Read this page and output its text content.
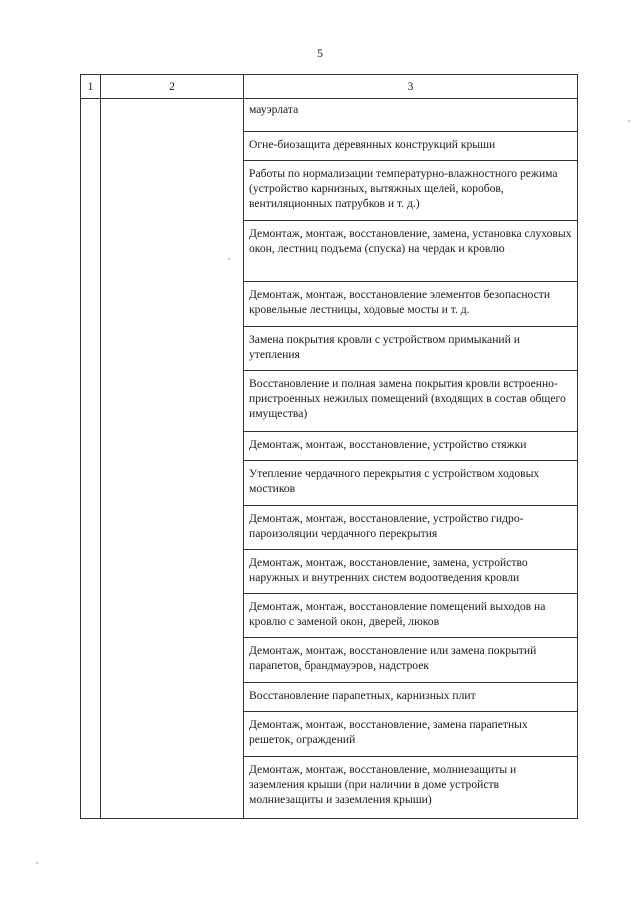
5
1	2	3

		мауэрлата

		Огне-биозащита деревянных конструкций крыши

		Работы по нормализации температурно-влажностного режима (устройство карнизных, вытяжных щелей, коробов, вентиляционных патрубков и т. д.)

		Демонтаж, монтаж, восстановление, замена, установка слуховых окон, лестниц подъема (спуска) на чердак и кровлю

		Демонтаж, монтаж, восстановление элементов безопасности кровельные лестницы, ходовые мосты и т. д.

		Замена покрытия кровли с устройством примыканий и утепления

		Восстановление и полная замена покрытия кровли встроенно-пристроенных нежилых помещений (входящих в состав общего имущества)

		Демонтаж, монтаж, восстановление, устройство стяжки

		Утепление чердачного перекрытия с устройством ходовых мостиков

		Демонтаж, монтаж, восстановление, устройство гидро-пароизоляции чердачного перекрытия

		Демонтаж, монтаж, восстановление, замена, устройство наружных и внутренних систем водоотведения кровли

		Демонтаж, монтаж, восстановление помещений выходов на кровлю с заменой окон, дверей, люков

		Демонтаж, монтаж, восстановление или замена покрытий парапетов, брандмауэров, надстроек

		Восстановление парапетных, карнизных плит

		Демонтаж, монтаж, восстановление, замена парапетных решеток, ограждений

		Демонтаж, монтаж, восстановление, молниезащиты и заземления крыши (при наличии в доме устройств молниезащиты и заземления крыши)
